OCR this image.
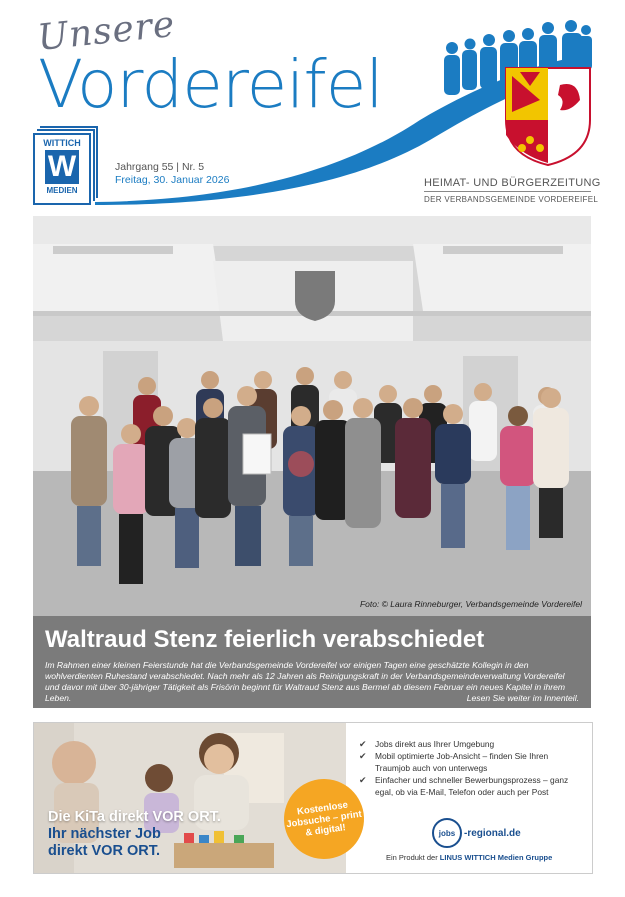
Unsere
Vordereifel
WITTICH
W
MEDIEN
Jahrgang 55 | Nr. 5
Freitag, 30. Januar 2026	HEIMAT- UND BÜRGERZEITUNG
DER VERBANDSGEMEINDE VORDEREIFEL
Foto: © Laura Rinneburger, Verbandsgemeinde Vordereifel
Waltraud Stenz feierlich verabschiedet
Im Rahmen einer kleinen Feierstunde hat die Verbandsgemeinde Vordereifel vor einigen Tagen eine geschätzte Kollegin in den wohlverdienten Ruhestand verabschiedet. Nach mehr als 12 Jahren als Reinigungskraft in der Verbandsgemeindeverwaltung Vordereifel und davor mit über 30-jähriger Tätigkeit als Frisörin beginnt für Waltraud Stenz aus Bermel ab diesem Februar ein neues Kapitel in ihrem Leben.	Lesen Sie weiter im Innenteil.
Die KiTa direkt VOR ORT.
Ihr nächster Job
direkt VOR ORT.
Kostenlose Jobsuche – print & digital!
✔ Jobs direkt aus Ihrer Umgebung
✔ Mobil optimierte Job-Ansicht – finden Sie Ihren Traumjob auch von unterwegs
✔ Einfacher und schneller Bewerbungsprozess – ganz egal, ob via E-Mail, Telefon oder auch per Post
jobs -regional.de
Ein Produkt der LINUS WITTICH Medien Gruppe
